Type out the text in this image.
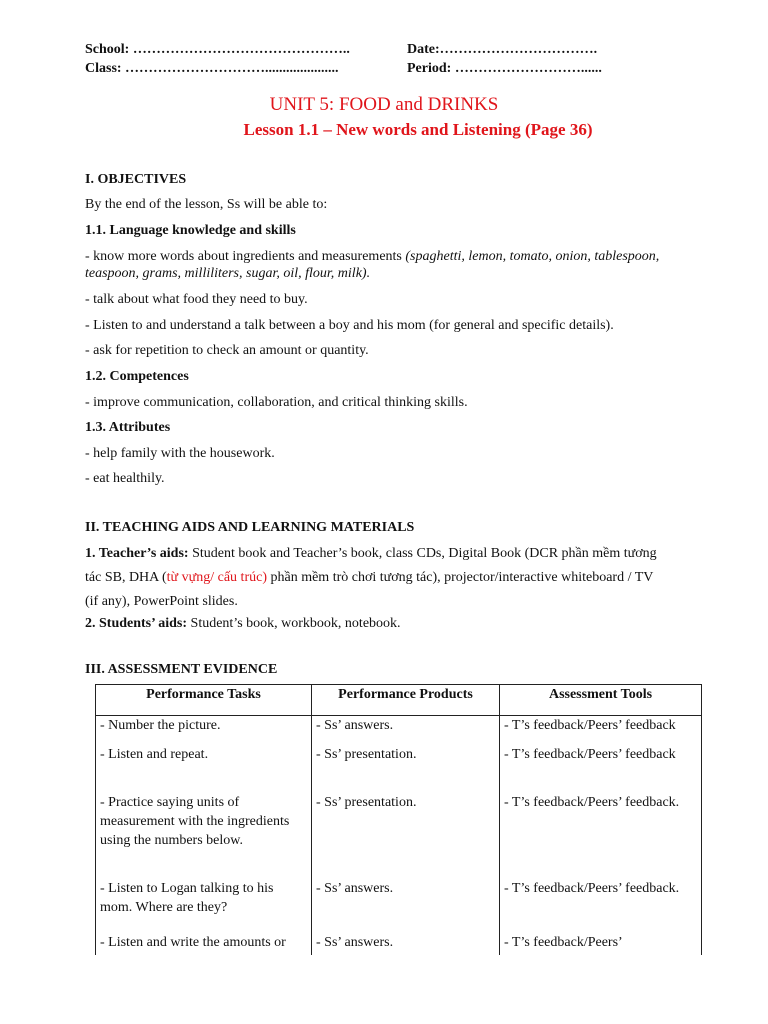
School: ………………………………………..
Class: ………………………….....................
Date:…………………………….
Period: ………………………......
UNIT 5: FOOD and DRINKS
Lesson 1.1 – New words and Listening (Page 36)
I. OBJECTIVES
By the end of the lesson, Ss will be able to:
1.1. Language knowledge and skills
- know more words about ingredients and measurements (spaghetti, lemon, tomato, onion, tablespoon,
teaspoon, grams, milliliters, sugar, oil, flour, milk).
- talk about what food they need to buy.
- Listen to and understand a talk between a boy and his mom (for general and specific details).
- ask for repetition to check an amount or quantity.
1.2. Competences
- improve communication, collaboration, and critical thinking skills.
1.3. Attributes
- help family with the housework.
- eat healthily.
II. TEACHING AIDS AND LEARNING MATERIALS
1. Teacher’s aids: Student book and Teacher’s book, class CDs, Digital Book (DCR phần mềm tương
tác SB, DHA (từ vựng/ cấu trúc) phần mềm trò chơi tương tác), projector/interactive whiteboard / TV
(if any), PowerPoint slides.
2. Students’ aids: Student’s book, workbook, notebook.
III. ASSESSMENT EVIDENCE
Performance Tasks	Performance Products	Assessment Tools
- Number the picture.	- Ss’ answers.	- T’s feedback/Peers’ feedback
- Listen and repeat.	- Ss’ presentation.	- T’s feedback/Peers’ feedback
- Practice saying units of measurement with the ingredients using the numbers below.	- Ss’ presentation.	- T’s feedback/Peers’ feedback.
- Listen to Logan talking to his mom. Where are they?	- Ss’ answers.	- T’s feedback/Peers’ feedback.
- Listen and write the amounts or	- Ss’ answers.	- T’s feedback/Peers’
